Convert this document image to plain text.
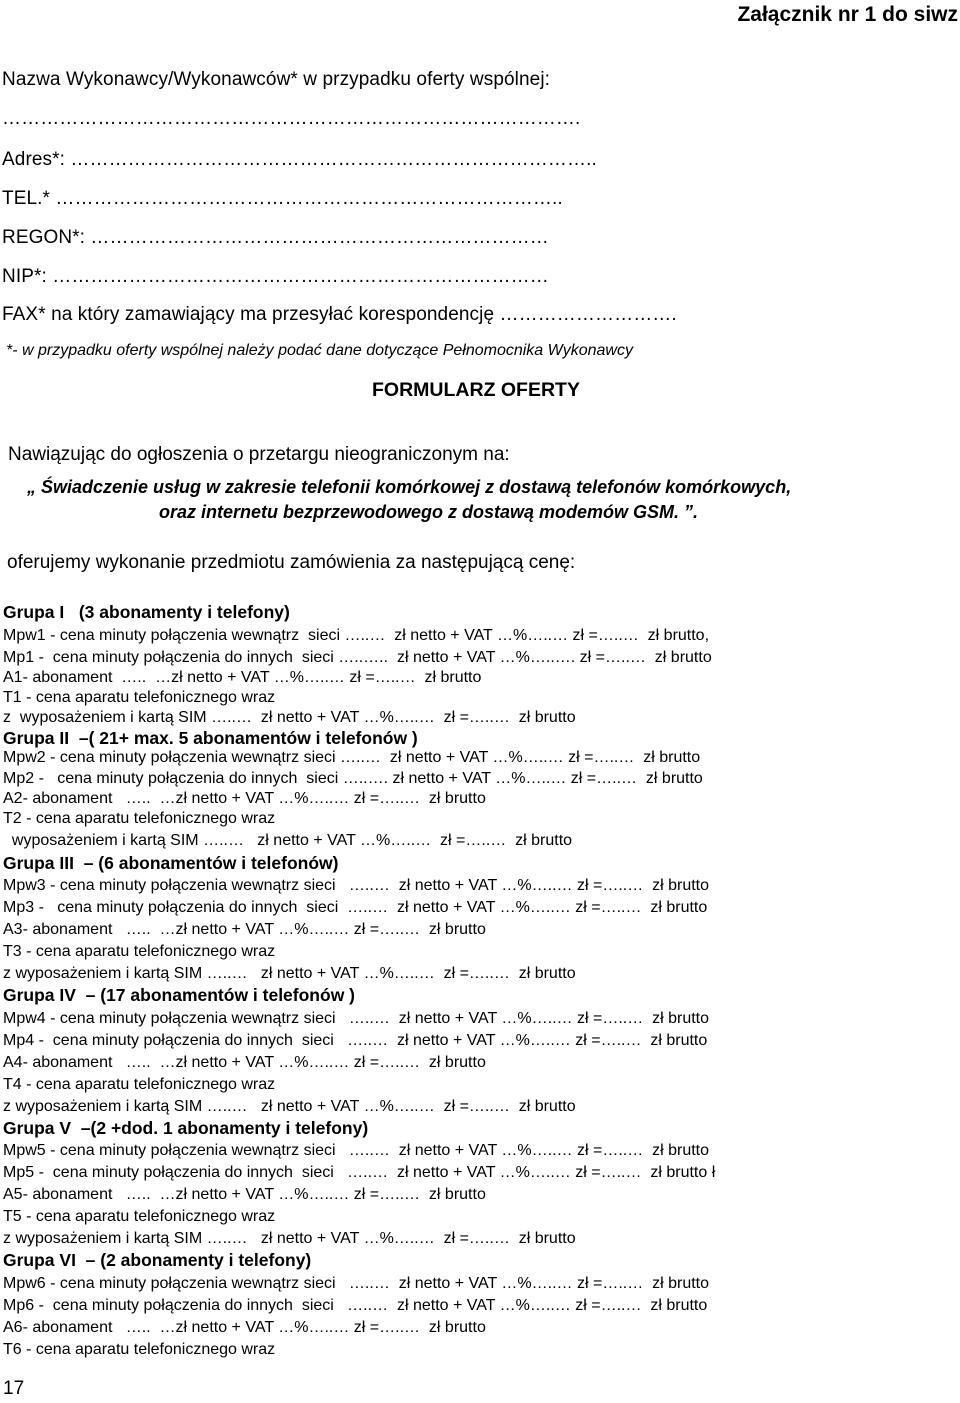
Załącznik nr 1 do siwz
Nazwa Wykonawcy/Wykonawców* w przypadku oferty wspólnej:
……………………………………………………………………………….
Adres*: ………………………………………………………………………..
TEL.* ……………………………………………………………………..
REGON*: ………………………………………………………………
NIP*: ……………………………………………………………………
FAX* na który zamawiający ma przesyłać korespondencję ……………………….
*- w przypadku oferty wspólnej należy podać dane dotyczące Pełnomocnika Wykonawcy
FORMULARZ OFERTY
Nawiązując do ogłoszenia o przetargu nieograniczonym na:
„ Świadczenie usług w zakresie telefonii komórkowej z dostawą telefonów komórkowych,
oraz internetu bezprzewodowego z dostawą modemów GSM. ”.
oferujemy wykonanie przedmiotu zamówienia za następującą cenę:
Grupa I   (3 abonamenty i telefony)
Mpw1 - cena minuty połączenia wewnątrz  sieci …..…  zł netto + VAT …%…..… zł =…..…  zł brutto,
Mp1 -  cena minuty połączenia do innych  sieci …..…..  zł netto + VAT …%…..…. zł =…..…  zł brutto
A1- abonament  …..  …zł netto + VAT …%…..… zł =…..…  zł brutto
T1 - cena aparatu telefonicznego wraz
z  wyposażeniem i kartą SIM …..…  zł netto + VAT …%…..…  zł =…..…  zł brutto
Grupa II  –( 21+ max. 5 abonamentów i telefonów )
Mpw2 - cena minuty połączenia wewnątrz sieci …..…  zł netto + VAT …%…..… zł =…..…  zł brutto
Mp2 -   cena minuty połączenia do innych  sieci …..…. zł netto + VAT …%…..… zł =…..…  zł brutto
A2- abonament   …..  …zł netto + VAT …%…..… zł =…..…  zł brutto
T2 - cena aparatu telefonicznego wraz
wyposażeniem i kartą SIM …..…   zł netto + VAT …%…..…  zł =…..…  zł brutto
Grupa III  – (6 abonamentów i telefonów)
Mpw3 - cena minuty połączenia wewnątrz sieci   …..…  zł netto + VAT …%…..… zł =…..…  zł brutto
Mp3 -   cena minuty połączenia do innych  sieci  …..…  zł netto + VAT …%…..… zł =…..…  zł brutto
A3- abonament   …..  …zł netto + VAT …%…..… zł =…..…  zł brutto
T3 - cena aparatu telefonicznego wraz
z wyposażeniem i kartą SIM …..…   zł netto + VAT …%…..…  zł =…..…  zł brutto
Grupa IV  – (17 abonamentów i telefonów )
Mpw4 - cena minuty połączenia wewnątrz sieci   …..…  zł netto + VAT …%…..… zł =…..…  zł brutto
Mp4 -  cena minuty połączenia do innych  sieci   …..…  zł netto + VAT …%…..… zł =…..…  zł brutto
A4- abonament   …..  …zł netto + VAT …%…..… zł =…..…  zł brutto
T4 - cena aparatu telefonicznego wraz
z wyposażeniem i kartą SIM …..…   zł netto + VAT …%…..…  zł =…..…  zł brutto
Grupa V  –(2 +dod. 1 abonamenty i telefony)
Mpw5 - cena minuty połączenia wewnątrz sieci   …..…  zł netto + VAT …%…..… zł =…..…  zł brutto
Mp5 -  cena minuty połączenia do innych  sieci   …..…  zł netto + VAT …%…..… zł =…..…  zł brutto ł
A5- abonament   …..  …zł netto + VAT …%…..… zł =…..…  zł brutto
T5 - cena aparatu telefonicznego wraz
z wyposażeniem i kartą SIM …..…   zł netto + VAT …%…..…  zł =…..…  zł brutto
Grupa VI  – (2 abonamenty i telefony)
Mpw6 - cena minuty połączenia wewnątrz sieci   …..…  zł netto + VAT …%…..… zł =…..…  zł brutto
Mp6 -  cena minuty połączenia do innych  sieci   …..…  zł netto + VAT …%…..… zł =…..…  zł brutto
A6- abonament   …..  …zł netto + VAT …%…..… zł =…..…  zł brutto
T6 - cena aparatu telefonicznego wraz
17
